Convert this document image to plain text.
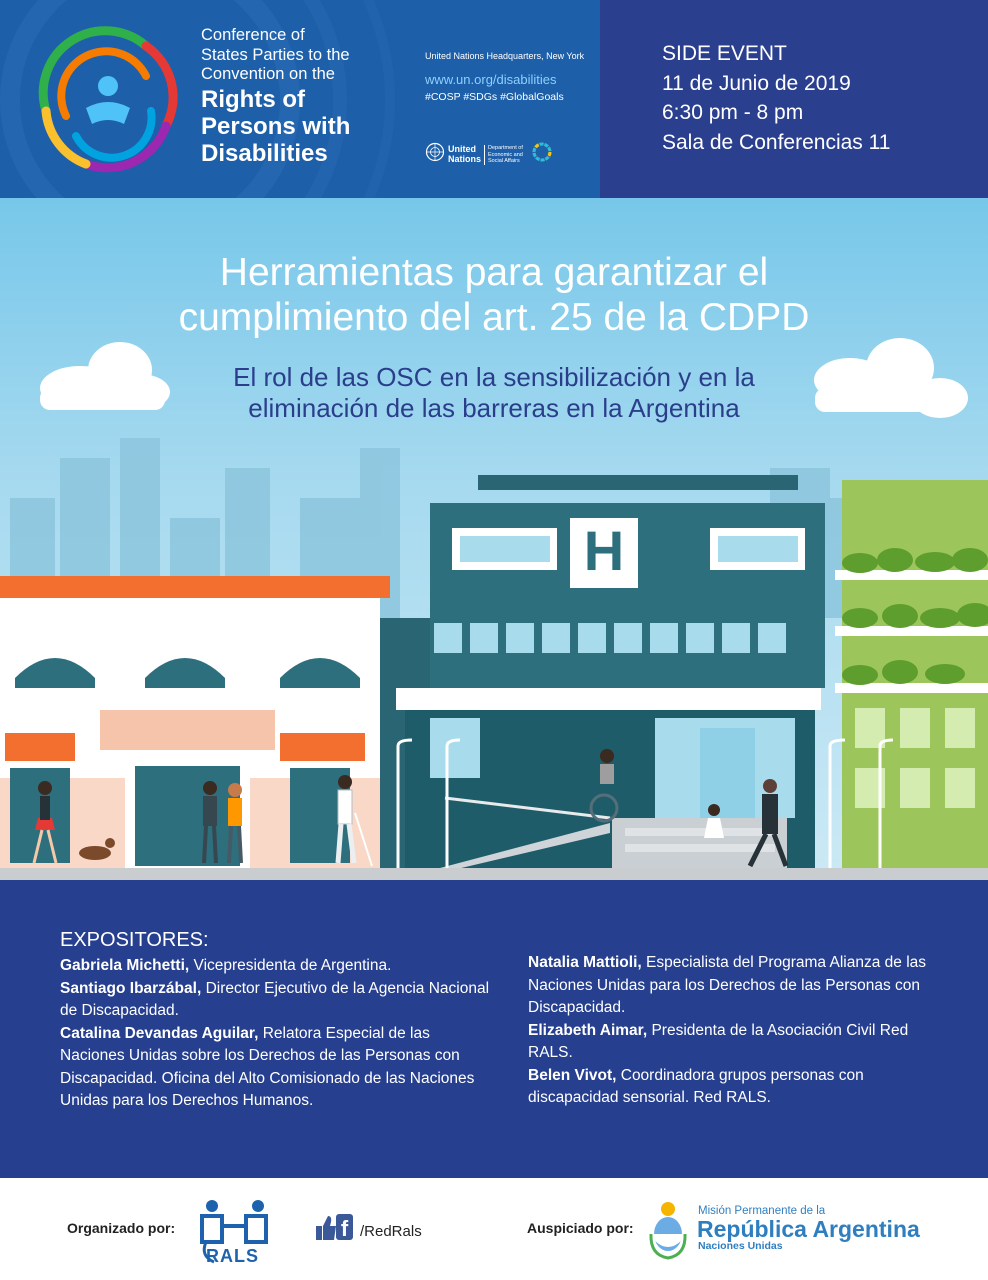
Conference of
States Parties to the
Convention on the
Rights of
Persons with
Disabilities
United Nations Headquarters, New York
www.un.org/disabilities
#COSP #SDGs #GlobalGoals
United
Nations
Department of
Economic and
Social Affairs
SIDE EVENT
11 de Junio de 2019
6:30 pm - 8 pm
Sala de Conferencias 11
Herramientas para garantizar el
cumplimiento del art. 25 de la CDPD
El rol de las OSC en la sensibilización y en la
eliminación de las barreras en la Argentina
H
EXPOSITORES:
Gabriela Michetti, Vicepresidenta de Argentina.
Santiago Ibarzábal, Director Ejecutivo de la Agencia Nacional de Discapacidad.
Catalina Devandas Aguilar, Relatora Especial de las Naciones Unidas sobre los Derechos de las Personas con Discapacidad. Oficina del Alto Comisionado de las Naciones Unidas para los Derechos Humanos.
Natalia Mattioli, Especialista del Programa Alianza de las Naciones Unidas para los Derechos de las Personas con Discapacidad.
Elizabeth Aimar, Presidenta de la Asociación Civil Red RALS.
Belen Vivot, Coordinadora grupos personas con discapacidad sensorial. Red RALS.
Organizado por:
RALS
f /RedRals	Auspiciado por:
Misión Permanente de la
República Argentina
Naciones Unidas
